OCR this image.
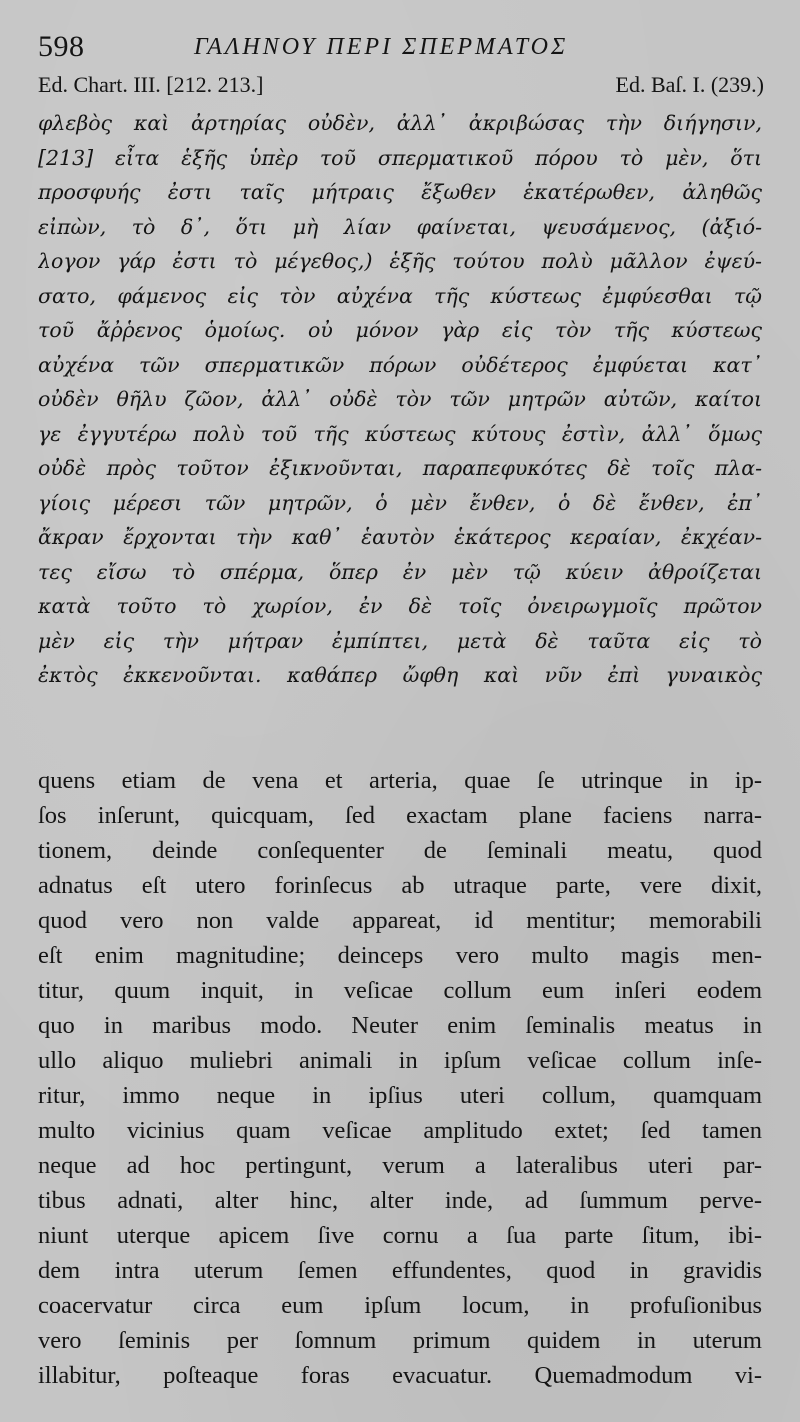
598	ΓΑΛΗΝΟΥ ΠΕΡΙ ΣΠΕΡΜΑΤΟΣ
Ed. Chart. III. [212. 213.]	Ed. Baſ. I. (239.)
φλεβὸς καὶ ἀρτηρίας οὐδὲν, ἀλλ᾽ ἀκριβώσας τὴν διήγησιν,
[213] εἶτα ἑξῆς ὑπὲρ τοῦ σπερματικοῦ πόρου τὸ μὲν, ὅτι
προσφυής ἐστι ταῖς μήτραις ἔξωθεν ἑκατέρωθεν, ἀληθῶς
εἰπὼν, τὸ δ᾽, ὅτι μὴ λίαν φαίνεται, ψευσάμενος, (ἀξιό-
λογον γάρ ἐστι τὸ μέγεθος,) ἑξῆς τούτου πολὺ μᾶλλον ἐψεύ-
σατο, φάμενος εἰς τὸν αὐχένα τῆς κύστεως ἐμφύεσθαι τῷ
τοῦ ἄῤῥενος ὁμοίως. οὐ μόνον γὰρ εἰς τὸν τῆς κύστεως
αὐχένα τῶν σπερματικῶν πόρων οὐδέτερος ἐμφύεται κατ᾽
οὐδὲν θῆλυ ζῶον, ἀλλ᾽ οὐδὲ τὸν τῶν μητρῶν αὐτῶν, καίτοι
γε ἐγγυτέρω πολὺ τοῦ τῆς κύστεως κύτους ἐστὶν, ἀλλ᾽ ὅμως
οὐδὲ πρὸς τοῦτον ἐξικνοῦνται, παραπεφυκότες δὲ τοῖς πλα-
γίοις μέρεσι τῶν μητρῶν, ὁ μὲν ἔνθεν, ὁ δὲ ἔνθεν, ἐπ᾽
ἄκραν ἔρχονται τὴν καθ᾽ ἑαυτὸν ἑκάτερος κεραίαν, ἐκχέαν-
τες εἴσω τὸ σπέρμα, ὅπερ ἐν μὲν τῷ κύειν ἀθροίζεται
κατὰ τοῦτο τὸ χωρίον, ἐν δὲ τοῖς ὀνειρωγμοῖς πρῶτον
μὲν εἰς τὴν μήτραν ἐμπίπτει, μετὰ δὲ ταῦτα εἰς τὸ
ἐκτὸς ἐκκενοῦνται. καθάπερ ὤφθη καὶ νῦν ἐπὶ γυναικὸς
quens etiam de vena et arteria, quae ſe utrinque in ip-
ſos inſerunt, quicquam, ſed exactam plane faciens narra-
tionem, deinde conſequenter de ſeminali meatu, quod
adnatus eſt utero forinſecus ab utraque parte, vere dixit,
quod vero non valde appareat, id mentitur; memorabili
eſt enim magnitudine; deinceps vero multo magis men-
titur, quum inquit, in veſicae collum eum inſeri eodem
quo in maribus modo. Neuter enim ſeminalis meatus in
ullo aliquo muliebri animali in ipſum veſicae collum inſe-
ritur, immo neque in ipſius uteri collum, quamquam
multo vicinius quam veſicae amplitudo extet; ſed tamen
neque ad hoc pertingunt, verum a lateralibus uteri par-
tibus adnati, alter hinc, alter inde, ad ſummum perve-
niunt uterque apicem ſive cornu a ſua parte ſitum, ibi-
dem intra uterum ſemen effundentes, quod in gravidis
coacervatur circa eum ipſum locum, in profuſionibus
vero ſeminis per ſomnum primum quidem in uterum
illabitur, poſteaque foras evacuatur. Quemadmodum vi-
